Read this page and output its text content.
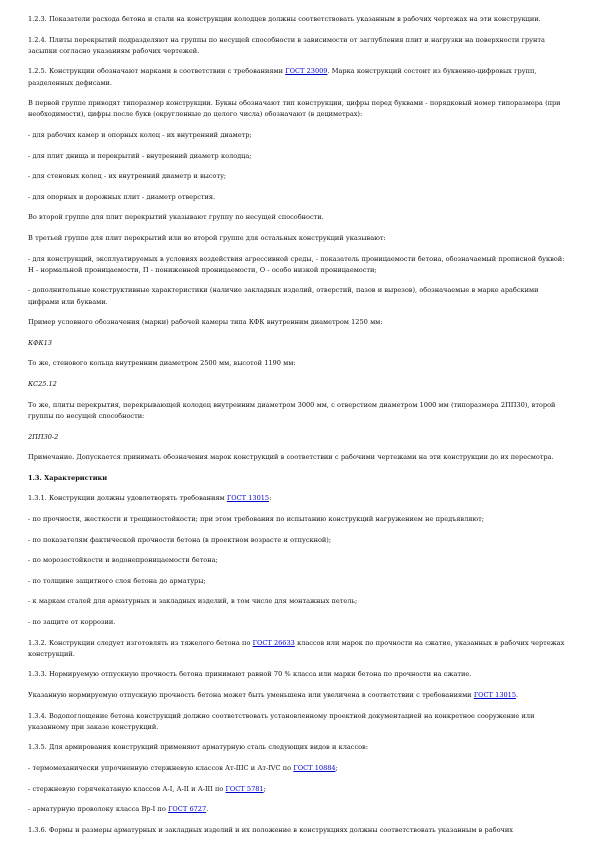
1.2.3. Показатели расхода бетона и стали на конструкции колодцев должны соответствовать указанным в рабочих чертежах на эти конструкции.
1.2.4. Плиты перекрытий подразделяют на группы по несущей способности в зависимости от заглубления плит и нагрузки на поверхности грунта засыпки согласно указаниям рабочих чертежей.
1.2.5. Конструкции обозначают марками в соответствии с требованиями ГОСТ 23009. Марка конструкций состоит из буквенно-цифровых групп, разделенных дефисами.
В первой группе приводят типоразмер конструкции. Буквы обозначают тип конструкции, цифры перед буквами - порядковый номер типоразмера (при необходимости), цифры после букв (округленные до целого числа) обозначают (в дециметрах):
- для рабочих камер и опорных колец - их внутренний диаметр;
- для плит днища и перекрытий - внутренний диаметр колодца;
- для стеновых колец - их внутренний диаметр и высоту;
- для опорных и дорожных плит - диаметр отверстия.
Во второй группе для плит перекрытий указывают группу по несущей способности.
В третьей группе для плит перекрытий или во второй группе для остальных конструкций указывают:
- для конструкций, эксплуатируемых в условиях воздействия агрессивной среды, - показатель проницаемости бетона, обозначаемый прописной буквой: Н - нормальной проницаемости, П - пониженной проницаемости, О - особо низкой проницаемости;
- дополнительные конструктивные характеристики (наличие закладных изделий, отверстий, пазов и вырезов), обозначаемые в марке арабскими цифрами или буквами.
Пример условного обозначения (марки) рабочей камеры типа КФК внутренним диаметром 1250 мм:
КФК13
То же, стенового кольца внутренним диаметром 2500 мм, высотой 1190 мм:
КС25.12
То же, плиты перекрытия, перекрывающей колодец внутренним диаметром 3000 мм, с отверстием диаметром 1000 мм (типоразмера 2ПП30), второй группы по несущей способности:
2ПП30-2
Примечание. Допускается принимать обозначения марок конструкций в соответствии с рабочими чертежами на эти конструкции до их пересмотра.
1.3. Характеристики
1.3.1. Конструкции должны удовлетворять требованиям ГОСТ 13015:
- по прочности, жесткости и трещиностойкости; при этом требования по испытанию конструкций нагружением не предъявляют;
- по показателям фактической прочности бетона (в проектном возрасте и отпускной);
- по морозостойкости и водонепроницаемости бетона;
- по толщине защитного слоя бетона до арматуры;
- к маркам сталей для арматурных и закладных изделий, в том числе для монтажных петель;
- по защите от коррозии.
1.3.2. Конструкции следует изготовлять из тяжелого бетона по ГОСТ 26633 классов или марок по прочности на сжатие, указанных в рабочих чертежах конструкций.
1.3.3. Нормируемую отпускную прочность бетона принимают равной 70 % класса или марки бетона по прочности на сжатие.
Указанную нормируемую отпускную прочность бетона может быть уменьшена или увеличена в соответствии с требованиями ГОСТ 13015.
1.3.4. Водопоглощение бетона конструкций должно соответствовать установленному проектной документацией на конкретное сооружение или указанному при заказе конструкций.
1.3.5. Для армирования конструкций применяют арматурную сталь следующих видов и классов:
- термомеханически упрочненную стержневую классов Ат-IIIС и Ат-IVС по ГОСТ 10884;
- стержневую горячекатаную классов А-I, А-II и А-III по ГОСТ 5781;
- арматурную проволоку класса Вр-I по ГОСТ 6727.
1.3.6. Формы и размеры арматурных и закладных изделий и их положение в конструкциях должны соответствовать указанным в рабочих
